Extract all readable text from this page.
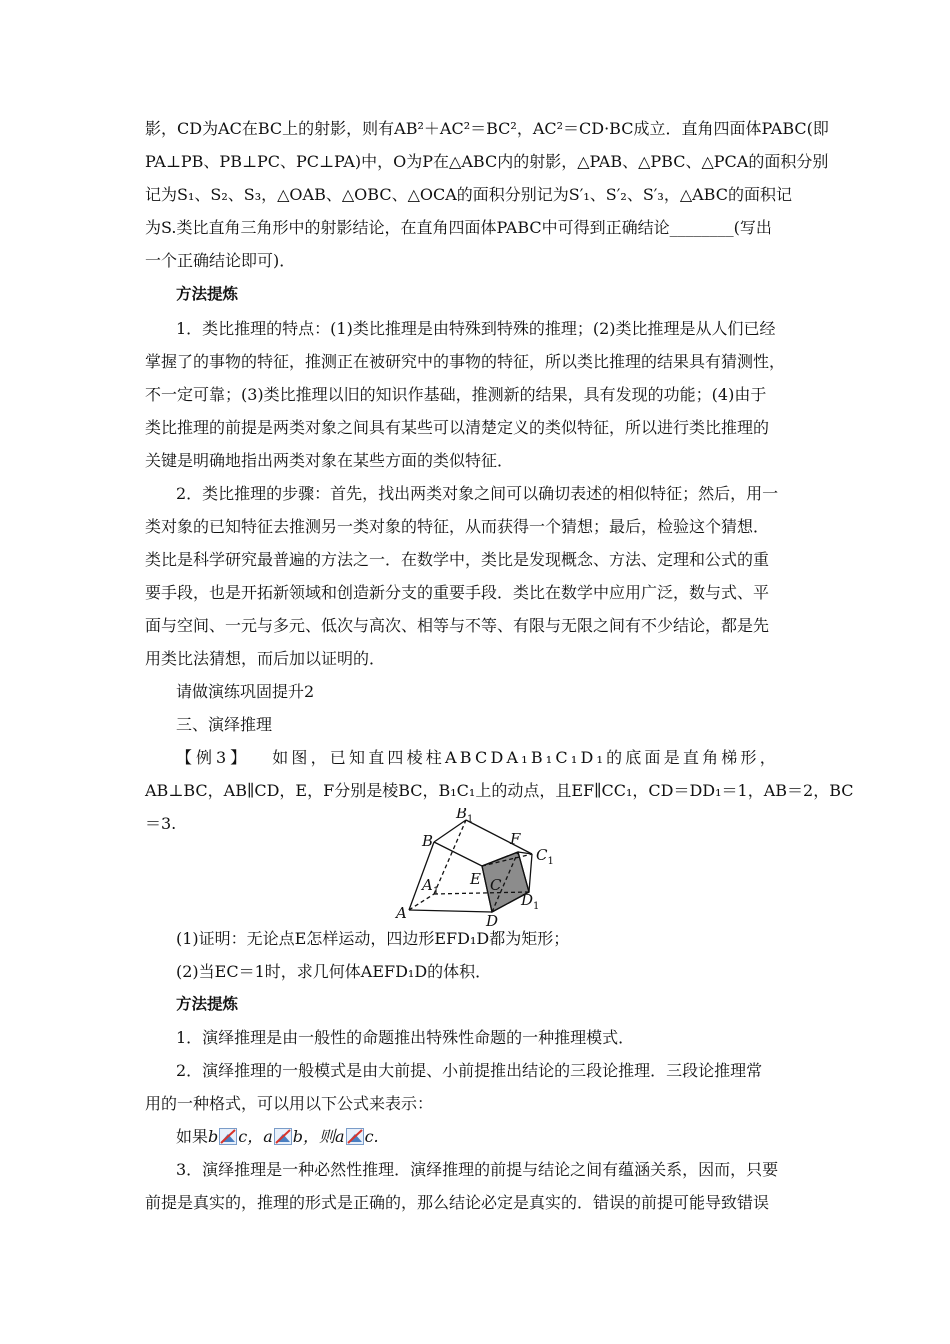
影，CD为AC在BC上的射影，则有AB²＋AC²＝BC²，AC²＝CD·BC成立．直角四面体PABC(即
PA⊥PB、PB⊥PC、PC⊥PA)中，O为P在△ABC内的射影，△PAB、△PBC、△PCA的面积分别
记为S₁、S₂、S₃，△OAB、△OBC、△OCA的面积分别记为S′₁、S′₂、S′₃，△ABC的面积记
为S.类比直角三角形中的射影结论，在直角四面体PABC中可得到正确结论________(写出
一个正确结论即可)．
方法提炼
1．类比推理的特点：(1)类比推理是由特殊到特殊的推理；(2)类比推理是从人们已经
掌握了的事物的特征，推测正在被研究中的事物的特征，所以类比推理的结果具有猜测性，
不一定可靠；(3)类比推理以旧的知识作基础，推测新的结果，具有发现的功能；(4)由于
类比推理的前提是两类对象之间具有某些可以清楚定义的类似特征，所以进行类比推理的
关键是明确地指出两类对象在某些方面的类似特征．
2．类比推理的步骤：首先，找出两类对象之间可以确切表述的相似特征；然后，用一
类对象的已知特征去推测另一类对象的特征，从而获得一个猜想；最后，检验这个猜想．
类比是科学研究最普遍的方法之一．在数学中，类比是发现概念、方法、定理和公式的重
要手段，也是开拓新领域和创造新分支的重要手段．类比在数学中应用广泛，数与式、平
面与空间、一元与多元、低次与高次、相等与不等、有限与无限之间有不少结论，都是先
用类比法猜想，而后加以证明的．
请做演练巩固提升2
三、演绎推理
【例3】 如图，已知直四棱柱ABCDA₁B₁C₁D₁的底面是直角梯形，
AB⊥BC，AB∥CD，E，F分别是棱BC，B₁C₁上的动点，且EF∥CC₁，CD＝DD₁＝1，AB＝2，BC
＝3.
B
$B_1$
F
$C_1$
$A_1$
E C
$D_1$
A	D
(1)证明：无论点E怎样运动，四边形EFD₁D都为矩形；
(2)当EC＝1时，求几何体AEFD₁D的体积．
方法提炼
1．演绎推理是由一般性的命题推出特殊性命题的一种推理模式．
2．演绎推理的一般模式是由大前提、小前提推出结论的三段论推理．三段论推理常
用的一种格式，可以用以下公式来表示：
如果b c，a b，则a c.
3．演绎推理是一种必然性推理．演绎推理的前提与结论之间有蕴涵关系，因而，只要
前提是真实的，推理的形式是正确的，那么结论必定是真实的．错误的前提可能导致错误
